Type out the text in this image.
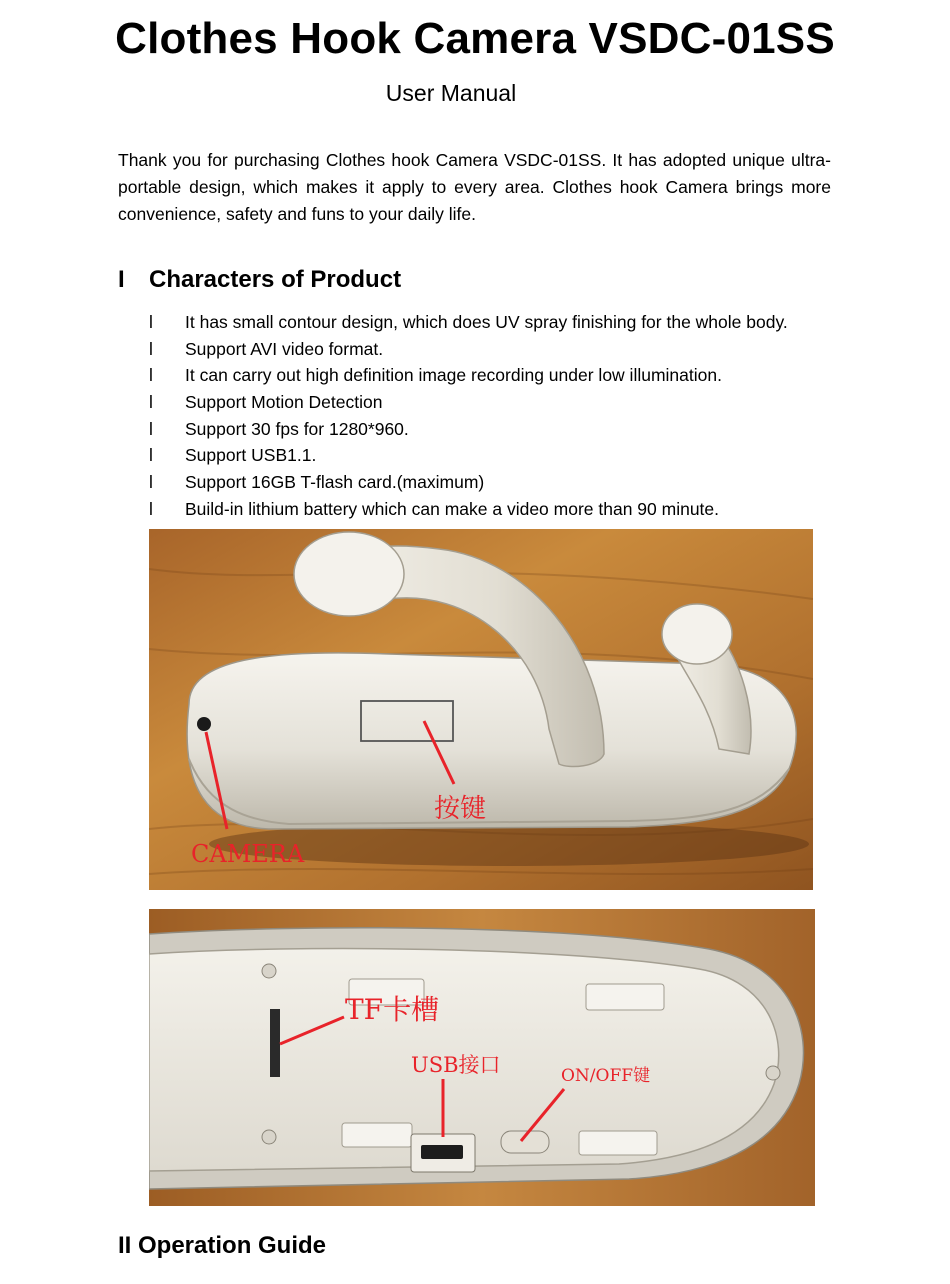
Clothes Hook Camera VSDC-01SS

User Manual

Thank you for purchasing Clothes hook Camera VSDC-01SS. It has adopted unique ultra-portable design, which makes it apply to every area. Clothes hook Camera brings more convenience, safety and funs to your daily life.

I Characters of Product
l It has small contour design, which does UV spray finishing for the whole body.
l Support AVI video format.
l It can carry out high definition image recording under low illumination.
l Support Motion Detection
l Support 30 fps for 1280*960.
l Support USB1.1.
l Support 16GB T-flash card.(maximum)
l Build-in lithium battery which can make a video more than 90 minute.
CAMERA
按键
TF卡槽
USB接口	ON/OFF键
II Operation Guide
